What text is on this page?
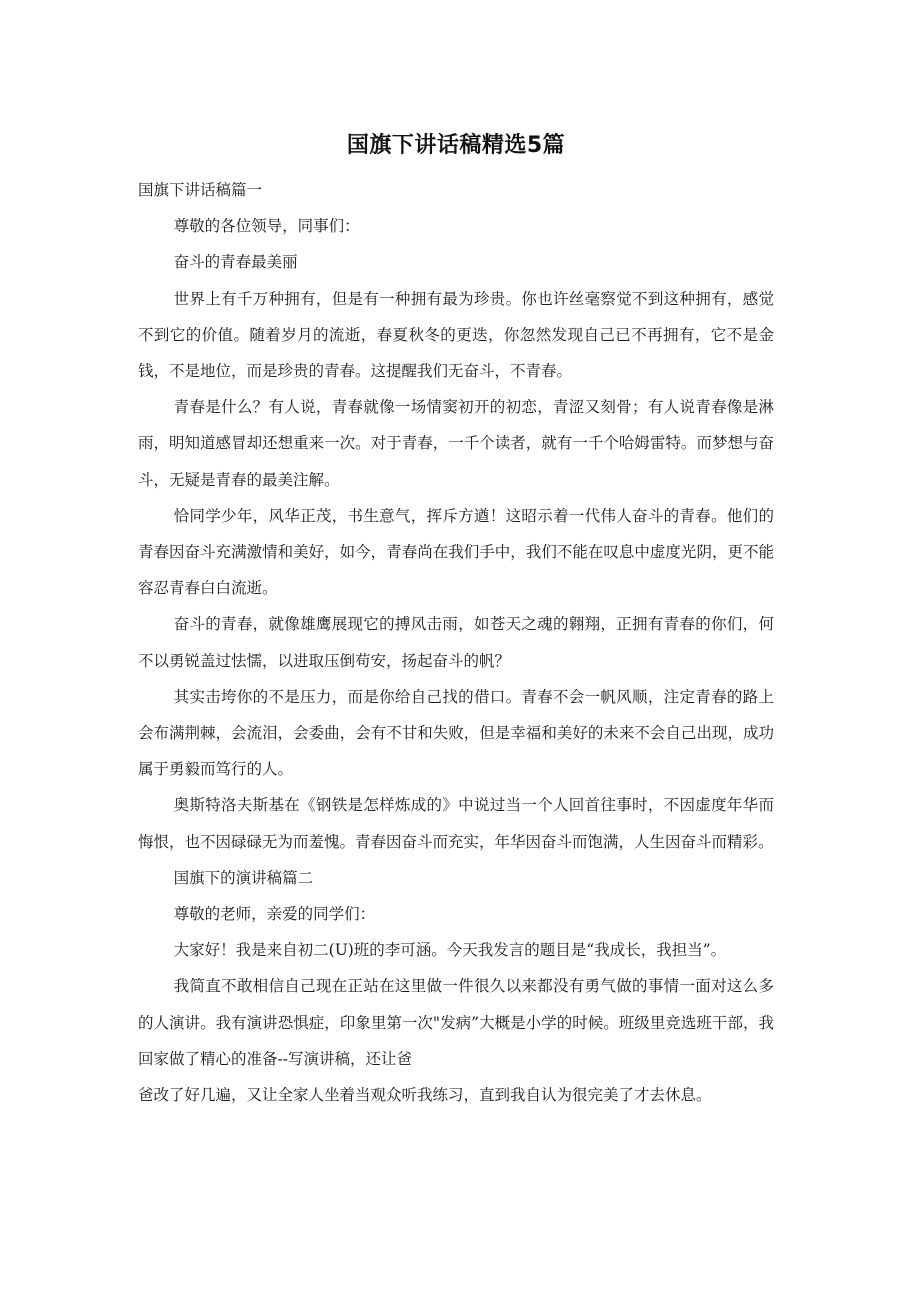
国旗下讲话稿精选5篇

国旗下讲话稿篇一

尊敬的各位领导，同事们：

奋斗的青春最美丽

世界上有千万种拥有，但是有一种拥有最为珍贵。你也许丝毫察觉不到这种拥有，感觉不到它的价值。随着岁月的流逝，春夏秋冬的更迭，你忽然发现自己已不再拥有，它不是金钱，不是地位，而是珍贵的青春。这提醒我们无奋斗，不青春。

青春是什么？有人说，青春就像一场情窦初开的初恋，青涩又刻骨；有人说青春像是淋雨，明知道感冒却还想重来一次。对于青春，一千个读者，就有一千个哈姆雷特。而梦想与奋斗，无疑是青春的最美注解。

恰同学少年，风华正茂，书生意气，挥斥方遒！这昭示着一代伟人奋斗的青春。他们的青春因奋斗充满激情和美好，如今，青春尚在我们手中，我们不能在叹息中虚度光阴，更不能容忍青春白白流逝。

奋斗的青春，就像雄鹰展现它的搏风击雨，如苍天之魂的翱翔，正拥有青春的你们，何不以勇锐盖过怯懦，以进取压倒苟安，扬起奋斗的帆？

其实击垮你的不是压力，而是你给自己找的借口。青春不会一帆风顺，注定青春的路上会布满荆棘，会流泪，会委曲，会有不甘和失败，但是幸福和美好的未来不会自己出现，成功属于勇毅而笃行的人。

奥斯特洛夫斯基在《钢铁是怎样炼成的》中说过当一个人回首往事时，不因虚度年华而悔恨，也不因碌碌无为而羞愧。青春因奋斗而充实，年华因奋斗而饱满，人生因奋斗而精彩。

国旗下的演讲稿篇二

尊敬的老师，亲爱的同学们：

大家好！我是来自初二(U)班的李可涵。今天我发言的题目是“我成长，我担当”。

我简直不敢相信自己现在正站在这里做一件很久以来都没有勇气做的事情一面对这么多的人演讲。我有演讲恐惧症，印象里第一次"发病”大概是小学的时候。班级里竞选班干部，我回家做了精心的准备--写演讲稿，还让爸

爸改了好几遍，又让全家人坐着当观众听我练习，直到我自认为很完美了才去休息。
